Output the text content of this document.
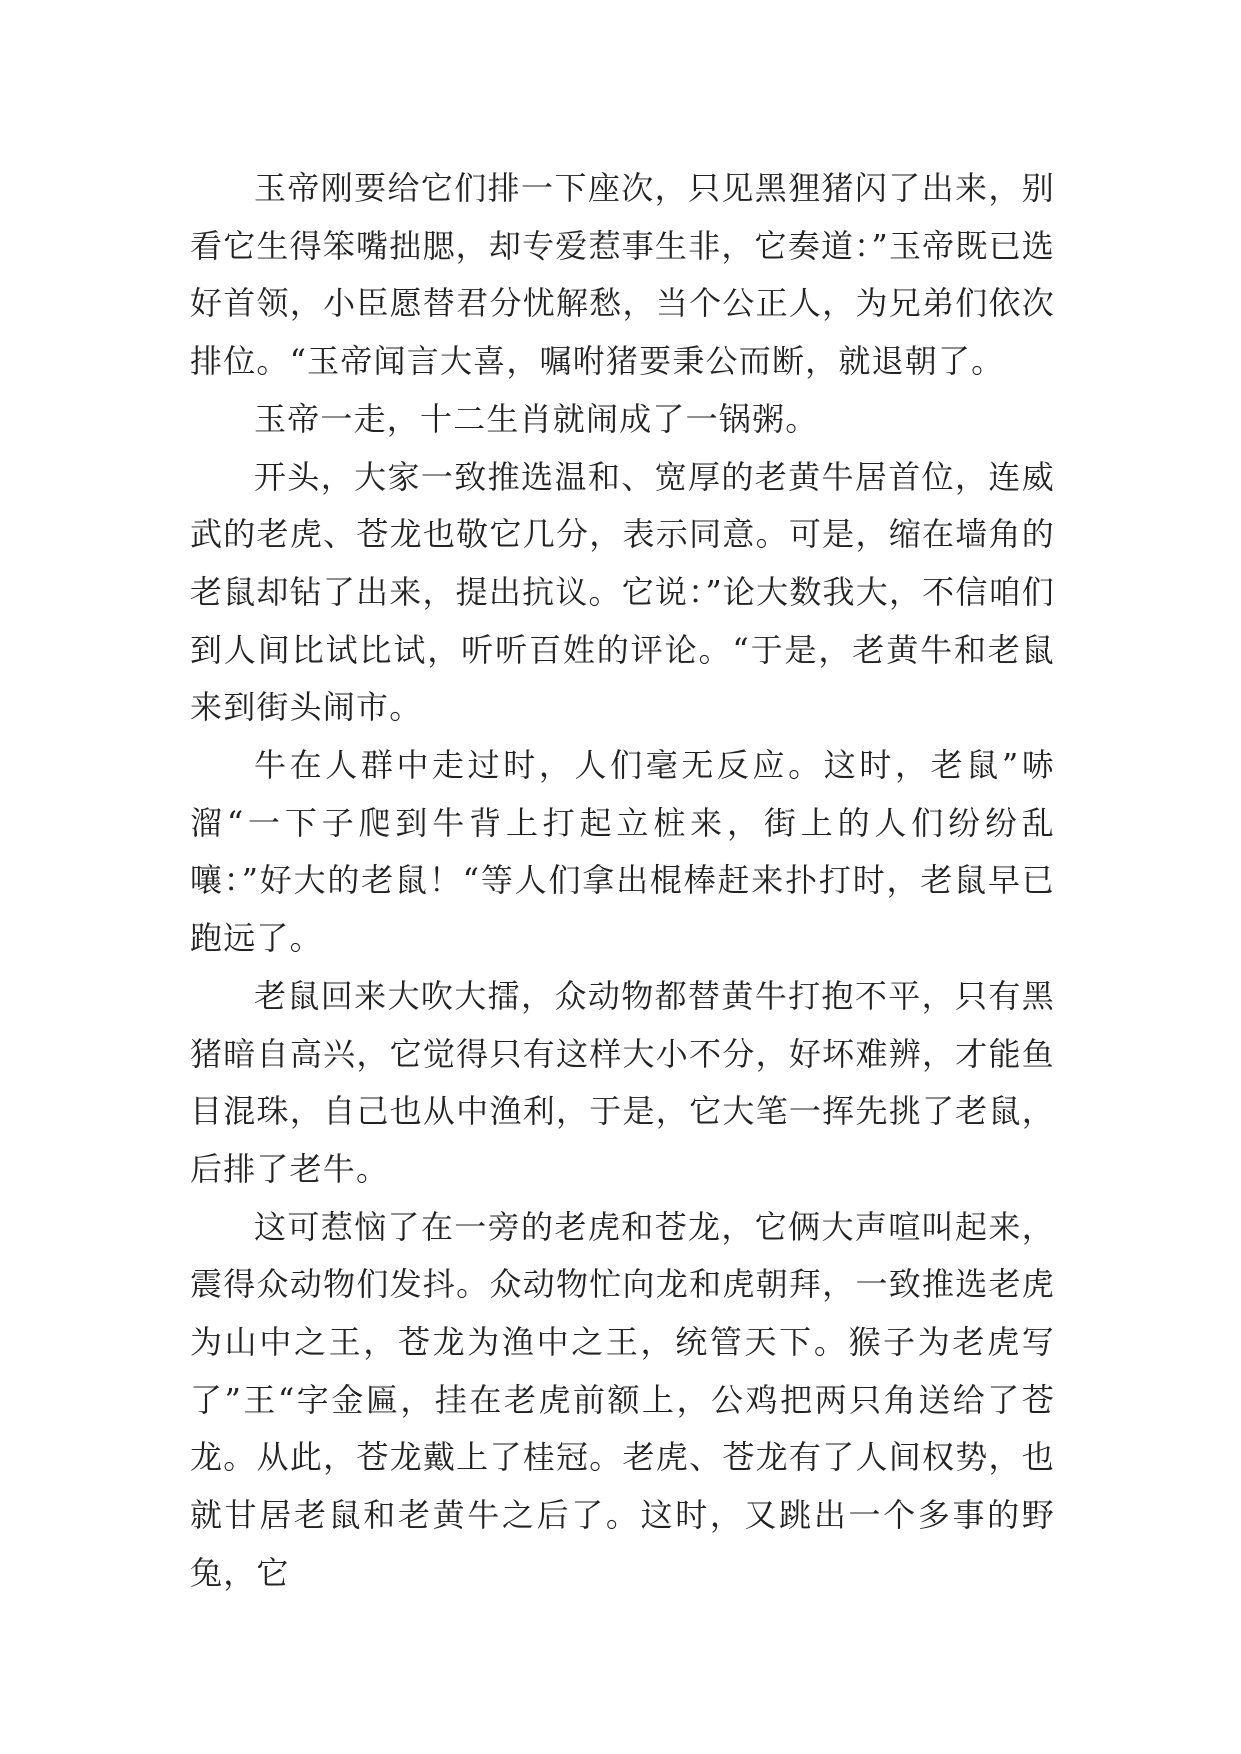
玉帝刚要给它们排一下座次，只见黑狸猪闪了出来，别看它生得笨嘴拙腮，却专爱惹事生非，它奏道：”玉帝既已选好首领，小臣愿替君分忧解愁，当个公正人，为兄弟们依次排位。“玉帝闻言大喜，嘱咐猪要秉公而断，就退朝了。

玉帝一走，十二生肖就闹成了一锅粥。

开头，大家一致推选温和、宽厚的老黄牛居首位，连威武的老虎、苍龙也敬它几分，表示同意。可是，缩在墙角的老鼠却钻了出来，提出抗议。它说：”论大数我大，不信咱们到人间比试比试，听听百姓的评论。“于是，老黄牛和老鼠来到街头闹市。

牛在人群中走过时，人们毫无反应。这时，老鼠”哧溜“一下子爬到牛背上打起立桩来，街上的人们纷纷乱嚷：”好大的老鼠！“等人们拿出棍棒赶来扑打时，老鼠早已跑远了。

老鼠回来大吹大擂，众动物都替黄牛打抱不平，只有黑猪暗自高兴，它觉得只有这样大小不分，好坏难辨，才能鱼目混珠，自己也从中渔利，于是，它大笔一挥先挑了老鼠，后排了老牛。

这可惹恼了在一旁的老虎和苍龙，它俩大声喧叫起来，震得众动物们发抖。众动物忙向龙和虎朝拜，一致推选老虎为山中之王，苍龙为渔中之王，统管天下。猴子为老虎写了”王“字金匾，挂在老虎前额上，公鸡把两只角送给了苍龙。从此，苍龙戴上了桂冠。老虎、苍龙有了人间权势，也就甘居老鼠和老黄牛之后了。这时，又跳出一个多事的野兔，它
